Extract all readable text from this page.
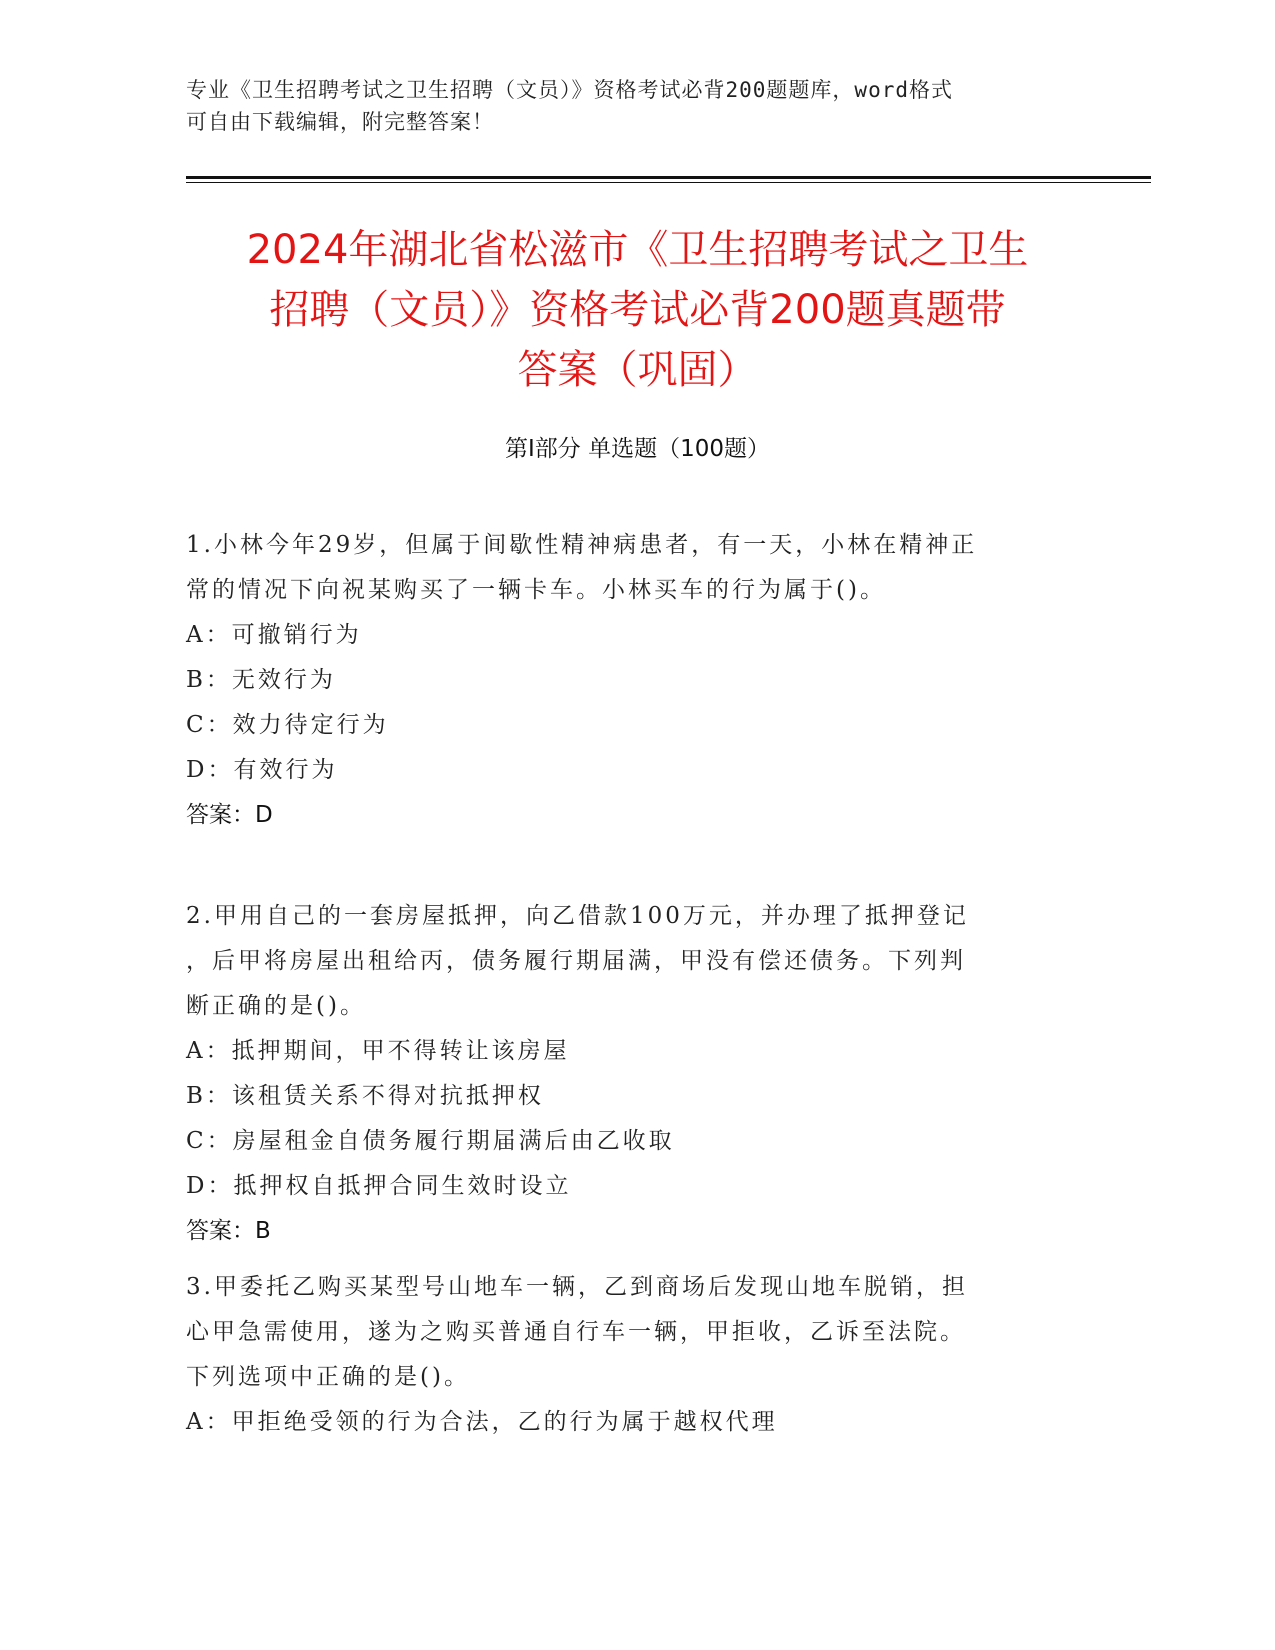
专业《卫生招聘考试之卫生招聘（文员）》资格考试必背200题题库，word格式
可自由下载编辑，附完整答案！
2024年湖北省松滋市《卫生招聘考试之卫生
招聘（文员）》资格考试必背200题真题带
答案（巩固）
第Ⅰ部分 单选题（100题）
1.小林今年29岁，但属于间歇性精神病患者，有一天，小林在精神正
常的情况下向祝某购买了一辆卡车。小林买车的行为属于()。
A：可撤销行为
B：无效行为
C：效力待定行为
D：有效行为
答案：D
2.甲用自己的一套房屋抵押，向乙借款100万元，并办理了抵押登记
，后甲将房屋出租给丙，债务履行期届满，甲没有偿还债务。下列判
断正确的是()。
A：抵押期间，甲不得转让该房屋
B：该租赁关系不得对抗抵押权
C：房屋租金自债务履行期届满后由乙收取
D：抵押权自抵押合同生效时设立
答案：B
3.甲委托乙购买某型号山地车一辆，乙到商场后发现山地车脱销，担
心甲急需使用，遂为之购买普通自行车一辆，甲拒收，乙诉至法院。
下列选项中正确的是()。
A：甲拒绝受领的行为合法，乙的行为属于越权代理
